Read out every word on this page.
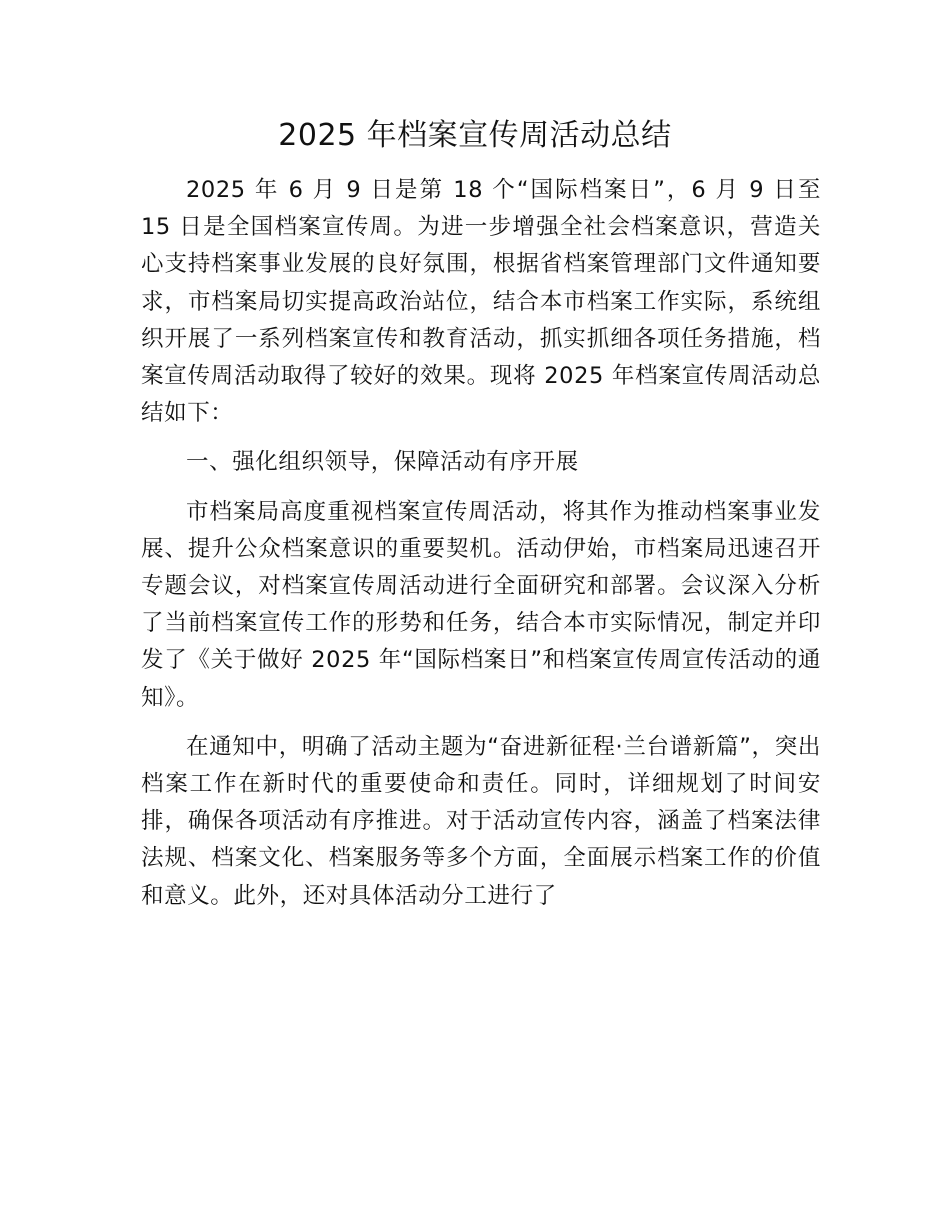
2025 年档案宣传周活动总结

2025 年 6 月 9 日是第 18 个“国际档案日”，6 月 9 日至 15 日是全国档案宣传周。为进一步增强全社会档案意识，营造关心支持档案事业发展的良好氛围，根据省档案管理部门文件通知要求，市档案局切实提高政治站位，结合本市档案工作实际，系统组织开展了一系列档案宣传和教育活动，抓实抓细各项任务措施，档案宣传周活动取得了较好的效果。现将 2025 年档案宣传周活动总结如下：

一、强化组织领导，保障活动有序开展

市档案局高度重视档案宣传周活动，将其作为推动档案事业发展、提升公众档案意识的重要契机。活动伊始，市档案局迅速召开专题会议，对档案宣传周活动进行全面研究和部署。会议深入分析了当前档案宣传工作的形势和任务，结合本市实际情况，制定并印发了《关于做好 2025 年“国际档案日”和档案宣传周宣传活动的通知》。

在通知中，明确了活动主题为“奋进新征程·兰台谱新篇”，突出档案工作在新时代的重要使命和责任。同时，详细规划了时间安排，确保各项活动有序推进。对于活动宣传内容，涵盖了档案法律法规、档案文化、档案服务等多个方面，全面展示档案工作的价值和意义。此外，还对具体活动分工进行了
